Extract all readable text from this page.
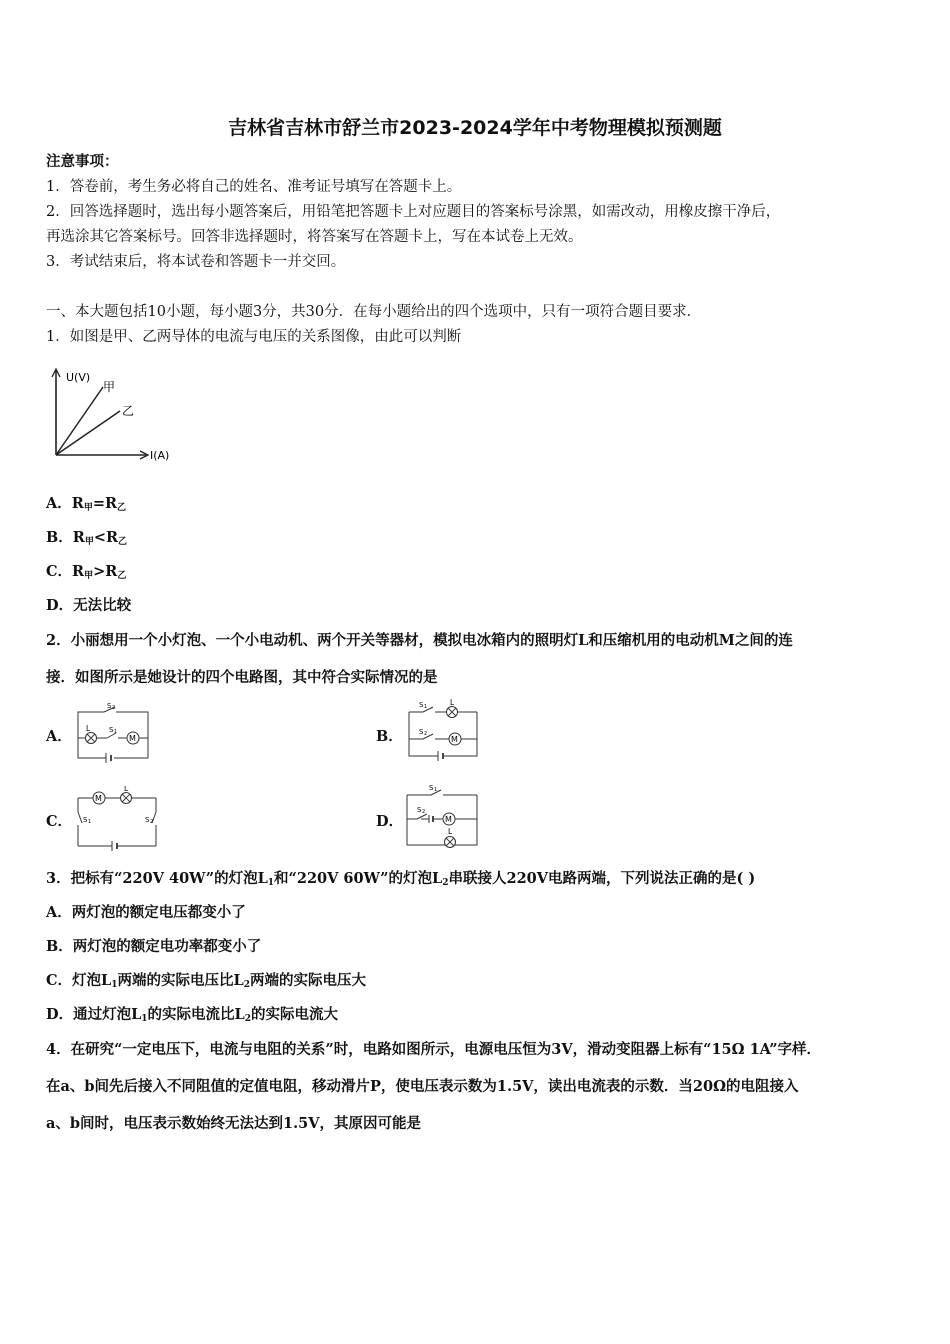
吉林省吉林市舒兰市2023-2024学年中考物理模拟预测题
注意事项：
1．答卷前，考生务必将自己的姓名、准考证号填写在答题卡上。
2．回答选择题时，选出每小题答案后，用铅笔把答题卡上对应题目的答案标号涂黑，如需改动，用橡皮擦干净后，
再选涂其它答案标号。回答非选择题时，将答案写在答题卡上，写在本试卷上无效。
3．考试结束后，将本试卷和答题卡一并交回。
一、本大题包括10小题，每小题3分，共30分．在每小题给出的四个选项中，只有一项符合题目要求．
1．如图是甲、乙两导体的电流与电压的关系图像，由此可以判断
U(V)
I(A)
甲
乙
A．$R_甲=R_乙$
B．$R_甲<R_乙$
C．$R_甲>R_乙$
D．无法比较
2．小丽想用一个小灯泡、一个小电动机、两个开关等器材，模拟电冰箱内的照明灯L和压缩机用的电动机M之间的连
接．如图所示是她设计的四个电路图，其中符合实际情况的是
A．	M
L
S 2
S 1	B．	M
L
S 1
S 2
C．
M
L
S 1	S 2	D．	M
L
S 1
S 2
3．把标有“220V 40W”的灯泡$L_1$和“220V 60W”的灯泡$L_2$串联接人220V电路两端，下列说法正确的是( )
A．两灯泡的额定电压都变小了
B．两灯泡的额定电功率都变小了
C．灯泡$L_1$两端的实际电压比$L_2$两端的实际电压大
D．通过灯泡$L_1$的实际电流比$L_2$的实际电流大
4．在研究“一定电压下，电流与电阻的关系”时，电路如图所示，电源电压恒为3V，滑动变阻器上标有“15Ω 1A”字样．
在a、b间先后接入不同阻值的定值电阻，移动滑片P，使电压表示数为1.5V，读出电流表的示数．当20Ω的电阻接入
a、b间时，电压表示数始终无法达到1.5V，其原因可能是
